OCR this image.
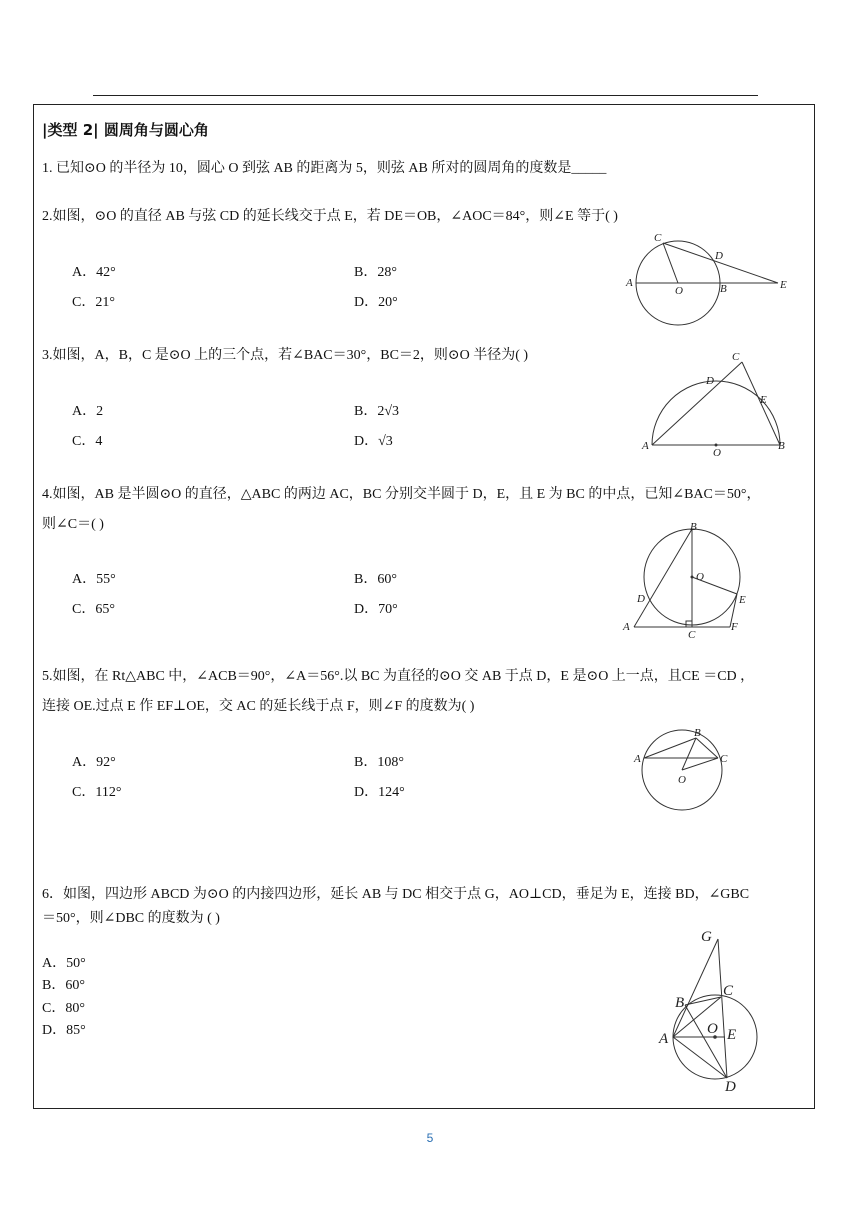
|类型 2| 圆周角与圆心角
1. 已知⊙O 的半径为 10，圆心 O 到弦 AB 的距离为 5，则弦 AB 所对的圆周角的度数是_____
2.如图，⊙O 的直径 AB 与弦 CD 的延长线交于点 E，若 DE＝OB，∠AOC＝84°，则∠E 等于( )
A．42°	B．28°
C．21°	D．20°
C
D
A
O	B	E
3.如图，A，B，C 是⊙O 上的三个点，若∠BAC＝30°，BC＝2，则⊙O 半径为( )
A．2	B．2√3
C．4	D．√3
C
D
E
A
O
B
4.如图，AB 是半圆⊙O 的直径，△ABC 的两边 AC，BC 分别交半圆于 D，E，且 E 为 BC 的中点，已知∠BAC＝50°，
则∠C＝( )
A．55°	B．60°
C．65°	D．70°
B
O
D	E
A
C
F
5.如图，在 Rt△ABC 中，∠ACB＝90°，∠A＝56°.以 BC 为直径的⊙O 交 AB 于点 D，E 是⊙O 上一点，且CE ＝CD ，
连接 OE.过点 E 作 EF⊥OE，交 AC 的延长线于点 F，则∠F 的度数为( )
A．92°	B．108°
C．112°	D．124°
B
A	C
O
6．如图，四边形 ABCD 为⊙O 的内接四边形，延长 AB 与 DC 相交于点 G，AO⊥CD，垂足为 E，连接 BD，∠GBC
＝50°，则∠DBC 的度数为 ( )
A．50°
B．60°
C．80°
D．85°
G
B
C
O E
A
D
5
